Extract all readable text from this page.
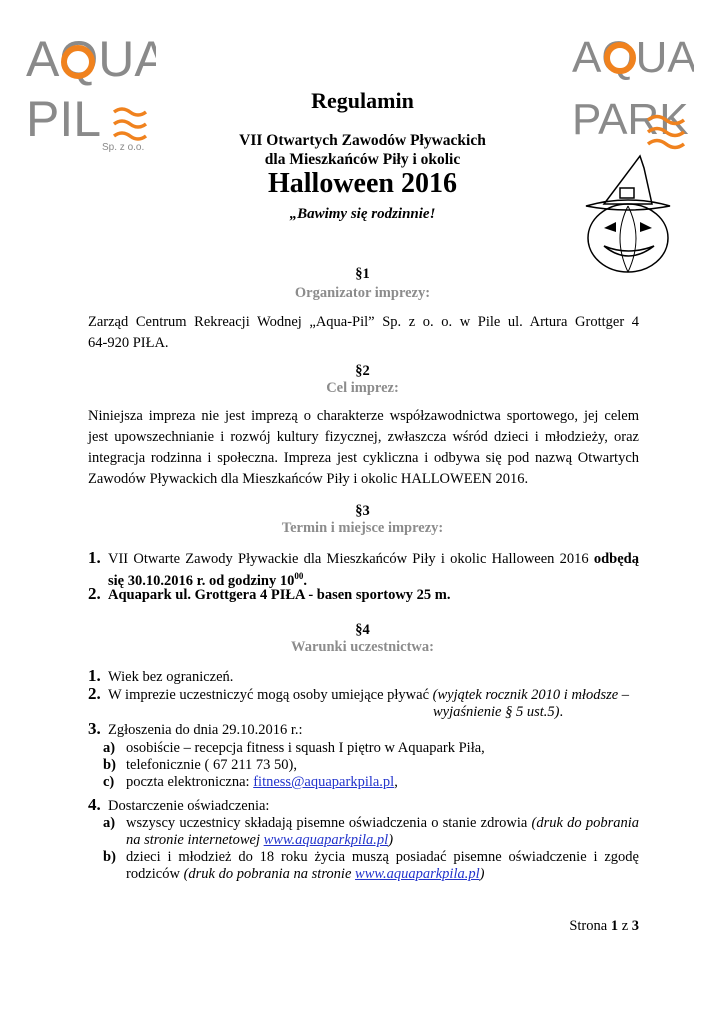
AQUA
PIL
Sp. z o.o.
AQUA
PARK
Regulamin
VII Otwartych Zawodów Pływackich
dla Mieszkańców Piły i okolic
Halloween 2016
„Bawimy się rodzinnie!
§1
Organizator imprezy:
Zarząd Centrum Rekreacji Wodnej „Aqua-Pil” Sp. z o. o. w Pile ul. Artura Grottger 4
64-920 PIŁA.
§2
Cel imprez:
Niniejsza impreza nie jest imprezą o charakterze współzawodnictwa sportowego, jej celem jest upowszechnianie i rozwój kultury fizycznej, zwłaszcza wśród dzieci i młodzieży, oraz integracja rodzinna i społeczna. Impreza jest cykliczna i odbywa się pod nazwą Otwartych Zawodów Pływackich dla Mieszkańców Piły i okolic HALLOWEEN 2016.
§3
Termin i miejsce imprezy:
1. VII Otwarte Zawody Pływackie dla Mieszkańców Piły i okolic Halloween 2016 odbędą
się 30.10.2016 r. od godziny $10^{00}$.
2. Aquapark ul. Grottgera 4 PIŁA - basen sportowy 25 m.
§4
Warunki uczestnictwa:
1. Wiek bez ograniczeń.
2. W imprezie uczestniczyć mogą osoby umiejące pływać (wyjątek rocznik 2010 i młodsze –
wyjaśnienie § 5 ust.5).
3. Zgłoszenia do dnia 29.10.2016 r.:
a) osobiście – recepcja fitness i squash I piętro w Aquapark Piła,
b) telefonicznie ( 67 211 73 50),
c) poczta elektroniczna: fitness@aquaparkpila.pl,
4. Dostarczenie oświadczenia:
a) wszyscy uczestnicy składają pisemne oświadczenia o stanie zdrowia (druk do pobrania
na stronie internetowej www.aquaparkpila.pl)
b) dzieci i młodzież do 18 roku życia muszą posiadać pisemne oświadczenie i zgodę
rodziców (druk do pobrania na stronie www.aquaparkpila.pl)
Strona 1 z 3
